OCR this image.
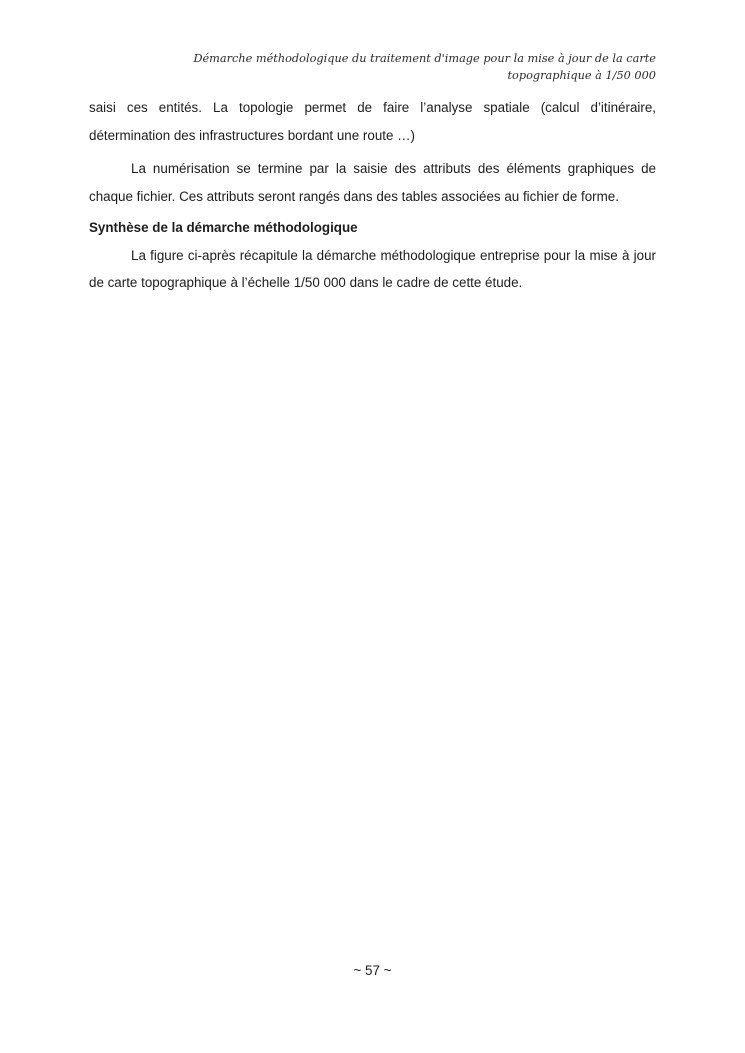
Démarche méthodologique du traitement d'image pour la mise à jour de la carte
topographique à 1/50 000

saisi ces entités. La topologie permet de faire l’analyse spatiale (calcul d’itinéraire, détermination des infrastructures bordant une route …)

La numérisation se termine par la saisie des attributs des éléments graphiques de chaque fichier. Ces attributs seront rangés dans des tables associées au fichier de forme.

Synthèse de la démarche méthodologique

La figure ci-après récapitule la démarche méthodologique entreprise pour la mise à jour de carte topographique à l’échelle 1/50 000 dans le cadre de cette étude.

~ 57 ~
